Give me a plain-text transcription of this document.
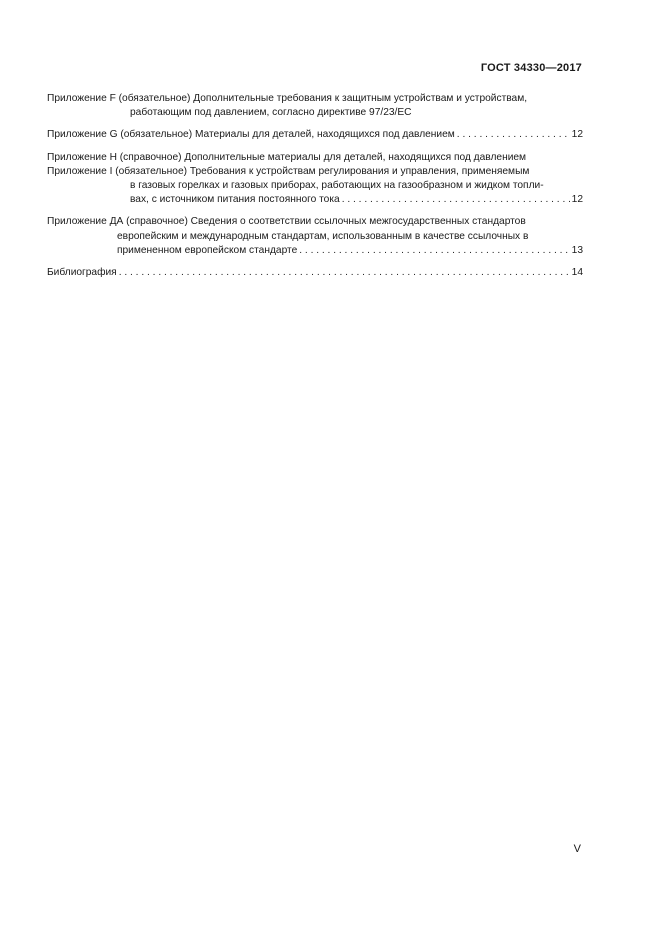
ГОСТ 34330—2017
Приложение F (обязательное) Дополнительные требования к защитным устройствам и устройствам,
работающим под давлением, согласно директиве 97/23/EC
Приложение G (обязательное) Материалы для деталей, находящихся под давлением . . .	12
Приложение H (справочное) Дополнительные материалы для деталей, находящихся под давлением
Приложение I (обязательное) Требования к устройствам регулирования и управления, применяемым
в газовых горелках и газовых приборах, работающих на газообразном и жидком топли-
вах, с источником питания постоянного тока . . .	12
Приложение ДА (справочное) Сведения о соответствии ссылочных межгосударственных стандартов
европейским и международным стандартам, использованным в качестве ссылочных в
примененном европейском стандарте . . .	13
Библиография . . .	14
V
